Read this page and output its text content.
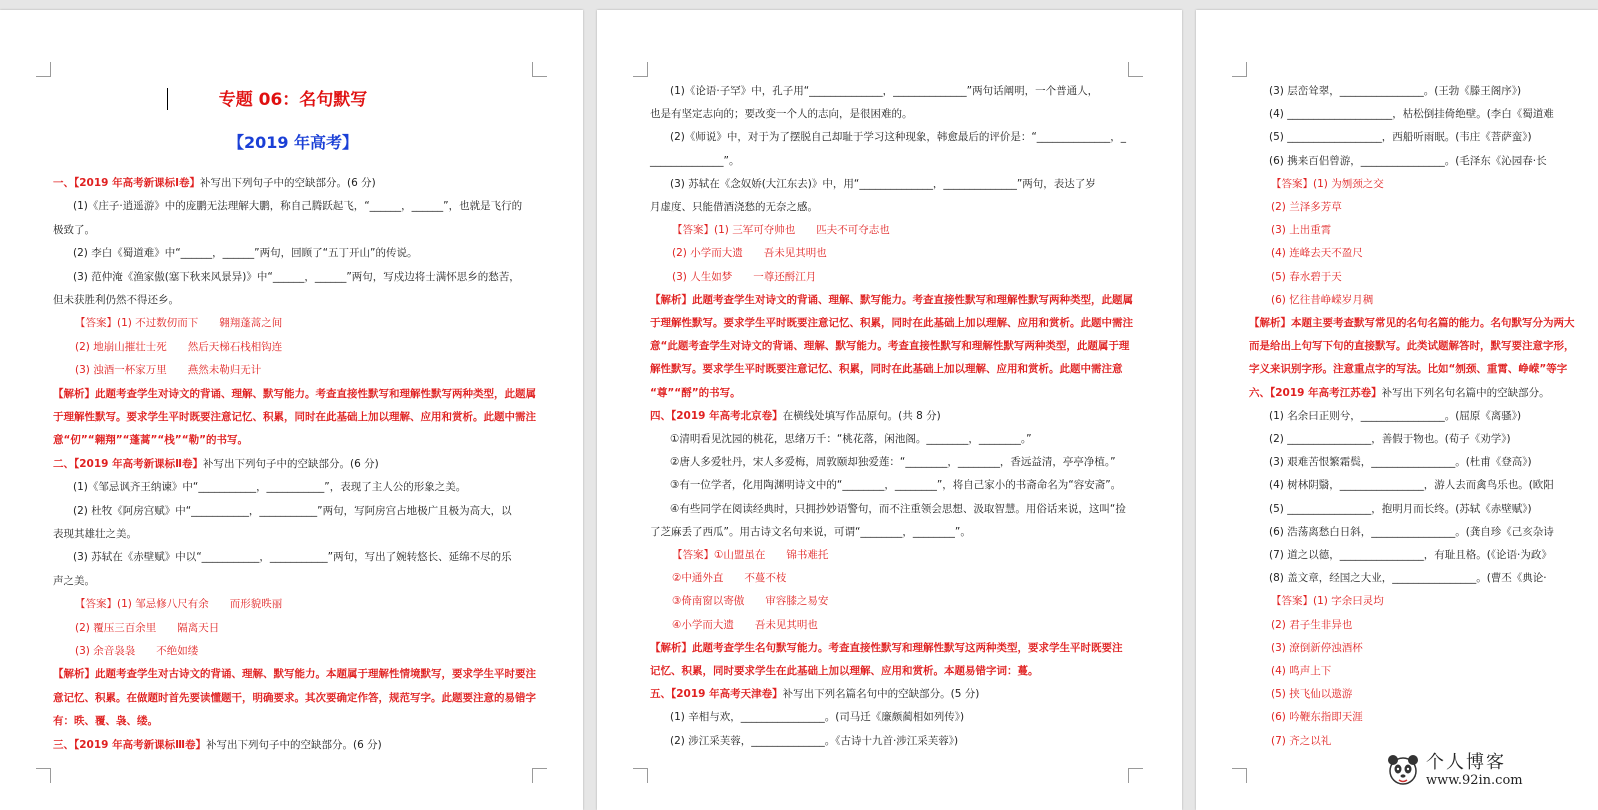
专题 06：名句默写
【2019 年高考】
一、【2019 年高考新课标Ⅰ卷】补写出下列句子中的空缺部分。(6 分)
(1)《庄子·逍遥游》中的庞鹏无法理解大鹏，称自己腾跃起飞，“______，______”，也就是飞行的
极致了。
(2) 李白《蜀道难》中“______，______”两句，回顾了“五丁开山”的传说。
(3) 范仲淹《渔家傲(塞下秋来风景异)》中“______，______”两句，写戍边将士满怀思乡的愁苦，
但未获胜利仍然不得还乡。
【答案】(1) 不过数仞而下　　翱翔蓬蒿之间
(2) 地崩山摧壮士死　　然后天梯石栈相钩连
(3) 浊酒一杯家万里　　燕然未勒归无计
【解析】此题考查学生对诗文的背诵、理解、默写能力。考查直接性默写和理解性默写两种类型，此题属
于理解性默写。要求学生平时既要注意记忆、积累，同时在此基础上加以理解、应用和赏析。此题中需注
意“仞”“翱翔”“蓬蒿”“栈”“勒”的书写。
二、【2019 年高考新课标Ⅱ卷】补写出下列句子中的空缺部分。(6 分)
(1)《邹忌讽齐王纳谏》中“___________，___________”，表现了主人公的形象之美。
(2) 杜牧《阿房宫赋》中“___________，___________”两句，写阿房宫占地极广且极为高大，以
表现其雄壮之美。
(3) 苏轼在《赤壁赋》中以“___________，___________”两句，写出了婉转悠长、延绵不尽的乐
声之美。
【答案】(1) 邹忌修八尺有余　　而形貌昳丽
(2) 覆压三百余里　　隔离天日
(3) 余音袅袅　　不绝如缕
【解析】此题考查学生对古诗文的背诵、理解、默写能力。本题属于理解性情境默写，要求学生平时要注
意记忆、积累。在做题时首先要读懂题干，明确要求。其次要确定作答，规范写字。此题要注意的易错字
有：昳、覆、袅、缕。
三、【2019 年高考新课标Ⅲ卷】补写出下列句子中的空缺部分。(6 分)
(1)《论语·子罕》中，孔子用“______________，______________”两句话阐明，一个普通人，
也是有坚定志向的；要改变一个人的志向，是很困难的。
(2)《师说》中，对于为了摆脱自己却耻于学习这种现象，韩愈最后的评价是：“______________，_
______________”。
(3) 苏轼在《念奴娇(大江东去)》中，用“______________，______________”两句，表达了岁
月虚度、只能借酒浇愁的无奈之感。
【答案】(1) 三军可夺帅也　　匹夫不可夺志也
(2) 小学而大遗　　吾未见其明也
(3) 人生如梦　　一尊还酹江月
【解析】此题考查学生对诗文的背诵、理解、默写能力。考查直接性默写和理解性默写两种类型，此题属
于理解性默写。要求学生平时既要注意记忆、积累，同时在此基础上加以理解、应用和赏析。此题中需注
意“此题考查学生对诗文的背诵、理解、默写能力。考查直接性默写和理解性默写两种类型，此题属于理
解性默写。要求学生平时既要注意记忆、积累，同时在此基础上加以理解、应用和赏析。此题中需注意
“尊”“酹”的书写。
四、【2019 年高考北京卷】在横线处填写作品原句。(共 8 分)
①清明看见沈园的桃花，思绪万千：“桃花落，闲池阁。________，________。”
②唐人多爱牡丹，宋人多爱梅，周敦颐却独爱莲：“________，________，香远益清，亭亭净植。”
③有一位学者，化用陶渊明诗文中的“________，________”，将自己家小的书斋命名为“容安斋”。
④有些同学在阅读经典时，只拥抄妙语警句，而不注重领会思想、汲取智慧。用俗话来说，这叫“捡
了芝麻丢了西瓜”。用古诗文名句来说，可谓“________，________”。
【答案】①山盟虽在　　锦书难托
②中通外直　　不蔓不枝
③倚南窗以寄傲　　审容膝之易安
④小学而大遗　　吾未见其明也
【解析】此题考查学生名句默写能力。考查直接性默写和理解性默写这两种类型，要求学生平时既要注
记忆、积累，同时要求学生在此基础上加以理解、应用和赏析。本题易错字词：蔓。
五、【2019 年高考天津卷】补写出下列名篇名句中的空缺部分。(5 分)
(1) 辛相与欢，________________。(司马迁《廉颇蔺相如列传》)
(2) 涉江采芙蓉，______________。《古诗十九首·涉江采芙蓉》)
(3) 层峦耸翠，________________。(王勃《滕王阁序》)
(4) ____________________，枯松倒挂倚绝壁。(李白《蜀道难
(5) __________________，西船听雨眠。(韦庄《菩萨蛮》)
(6) 携来百侣曾游，________________。(毛泽东《沁园春·长
【答案】(1) 为刎颈之交
(2) 兰泽多芳草
(3) 上出重霄
(4) 连峰去天不盈尺
(5) 春水碧于天
(6) 忆往昔峥嵘岁月稠
【解析】本题主要考查默写常见的名句名篇的能力。名句默写分为两大
而是给出上句写下句的直接默写。此类试题解答时，默写要注意字形，
字义来识别字形。注意重点字的写法。比如“刎颈、重霄、峥嵘”等字
六、【2019 年高考江苏卷】补写出下列名句名篇中的空缺部分。
(1) 名余曰正则兮，________________。(屈原《离骚》)
(2) ________________，善假于物也。(荀子《劝学》)
(3) 艰难苦恨繁霜鬓，________________。(杜甫《登高》)
(4) 树林阴翳，________________，游人去而禽鸟乐也。(欧阳
(5) ________________，抱明月而长终。(苏轼《赤壁赋》)
(6) 浩荡离愁白日斜，________________。(龚自珍《己亥杂诗
(7) 道之以德，________________，有耻且格。(《论语·为政》
(8) 盖文章，经国之大业，________________。(曹丕《典论·
【答案】(1) 字余曰灵均
(2) 君子生非异也
(3) 潦倒新停浊酒杯
(4) 鸣声上下
(5) 挟飞仙以遨游
(6) 吟鞭东指即天涯
(7) 齐之以礼
个人博客
www.92in.com
